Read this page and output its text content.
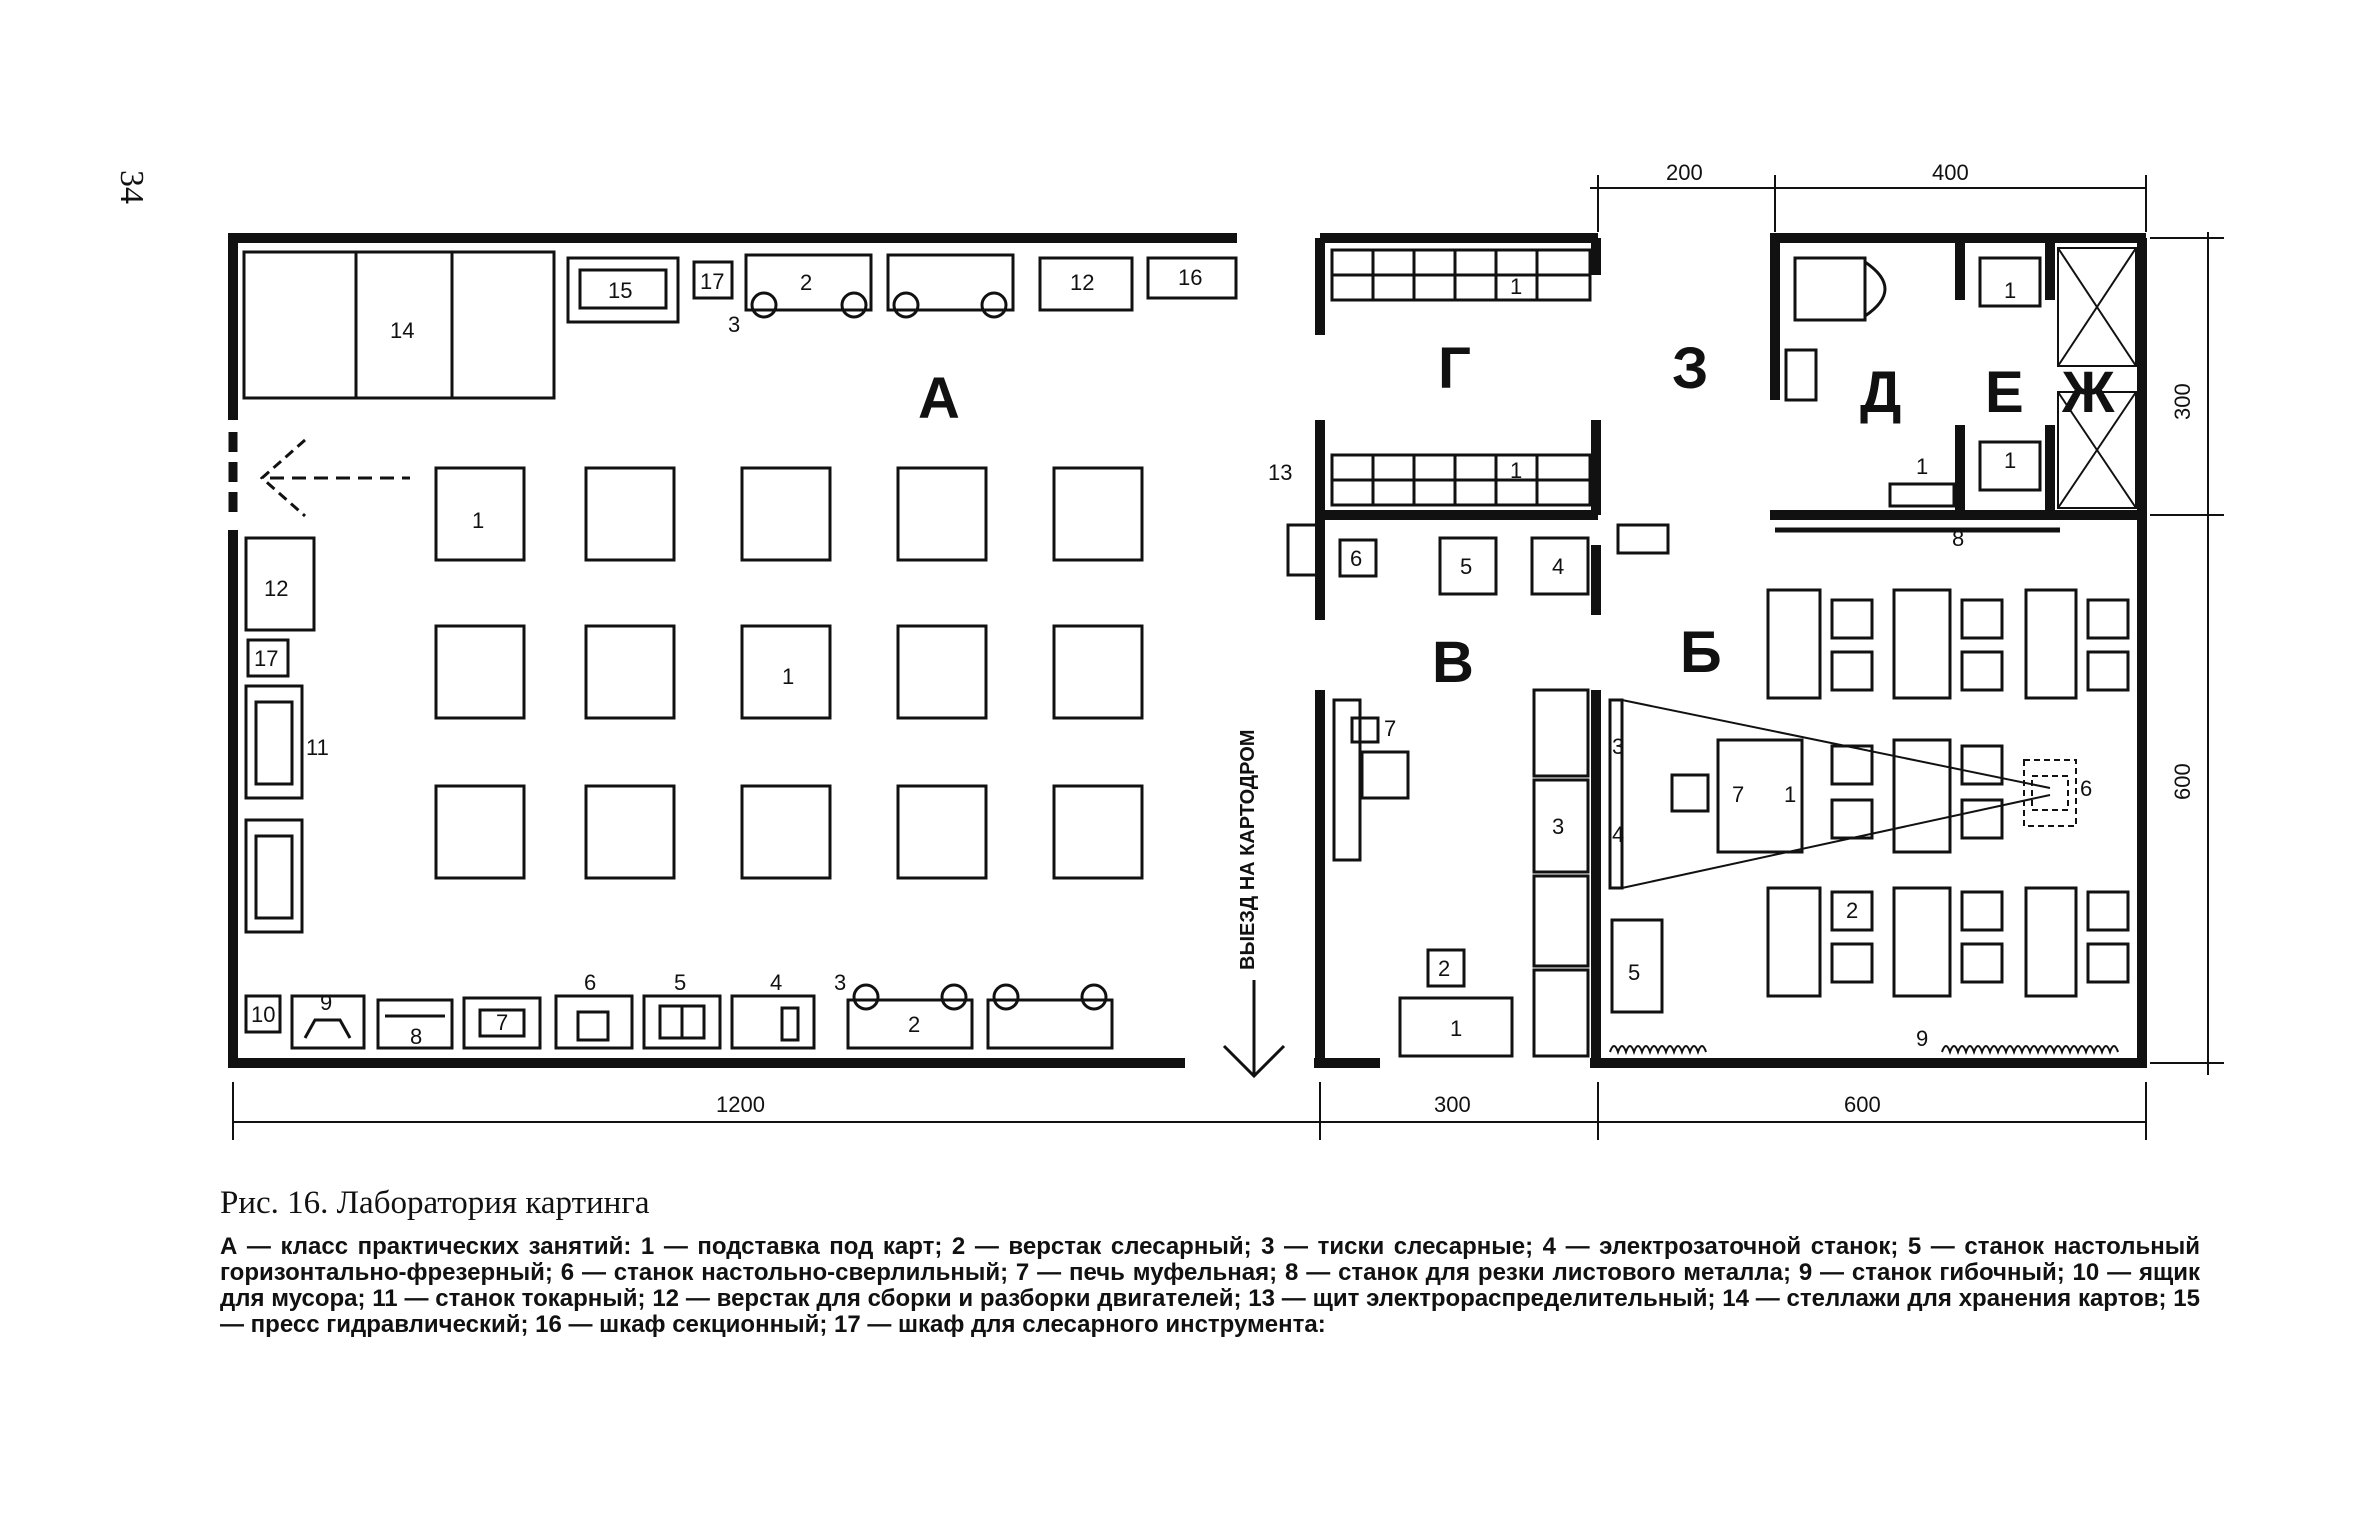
34
А	Г	З	Д Е Ж
В	Б
14
15	17	2
3
12	16
1
1
12
17
11
10 9
8
7
6	5	4 3
2
1
1
13
6	5	4
1
1
1
8
7
3
2
1
3
4
7 1	6
2
5
9
ВЫЕЗД НА КАРТОДРОМ
1200	300	600
200	400
300
600

Рис. 16. Лаборатория картинга

А — класс практических занятий: 1 — подставка под карт; 2 — верстак слесарный; 3 — тиски слесарные; 4 — электрозаточной станок; 5 — станок настольный горизонтально-фрезерный; 6 — станок настольно-сверлильный; 7 — печь муфельная; 8 — станок для резки листового металла; 9 — станок гибочный; 10 — ящик для мусора; 11 — станок токарный; 12 — верстак для сборки и разборки двигателей; 13 — щит электрораспределительный; 14 — стеллажи для хранения картов; 15 — пресс гидравлический; 16 — шкаф секционный; 17 — шкаф для слесарного инструмента:
